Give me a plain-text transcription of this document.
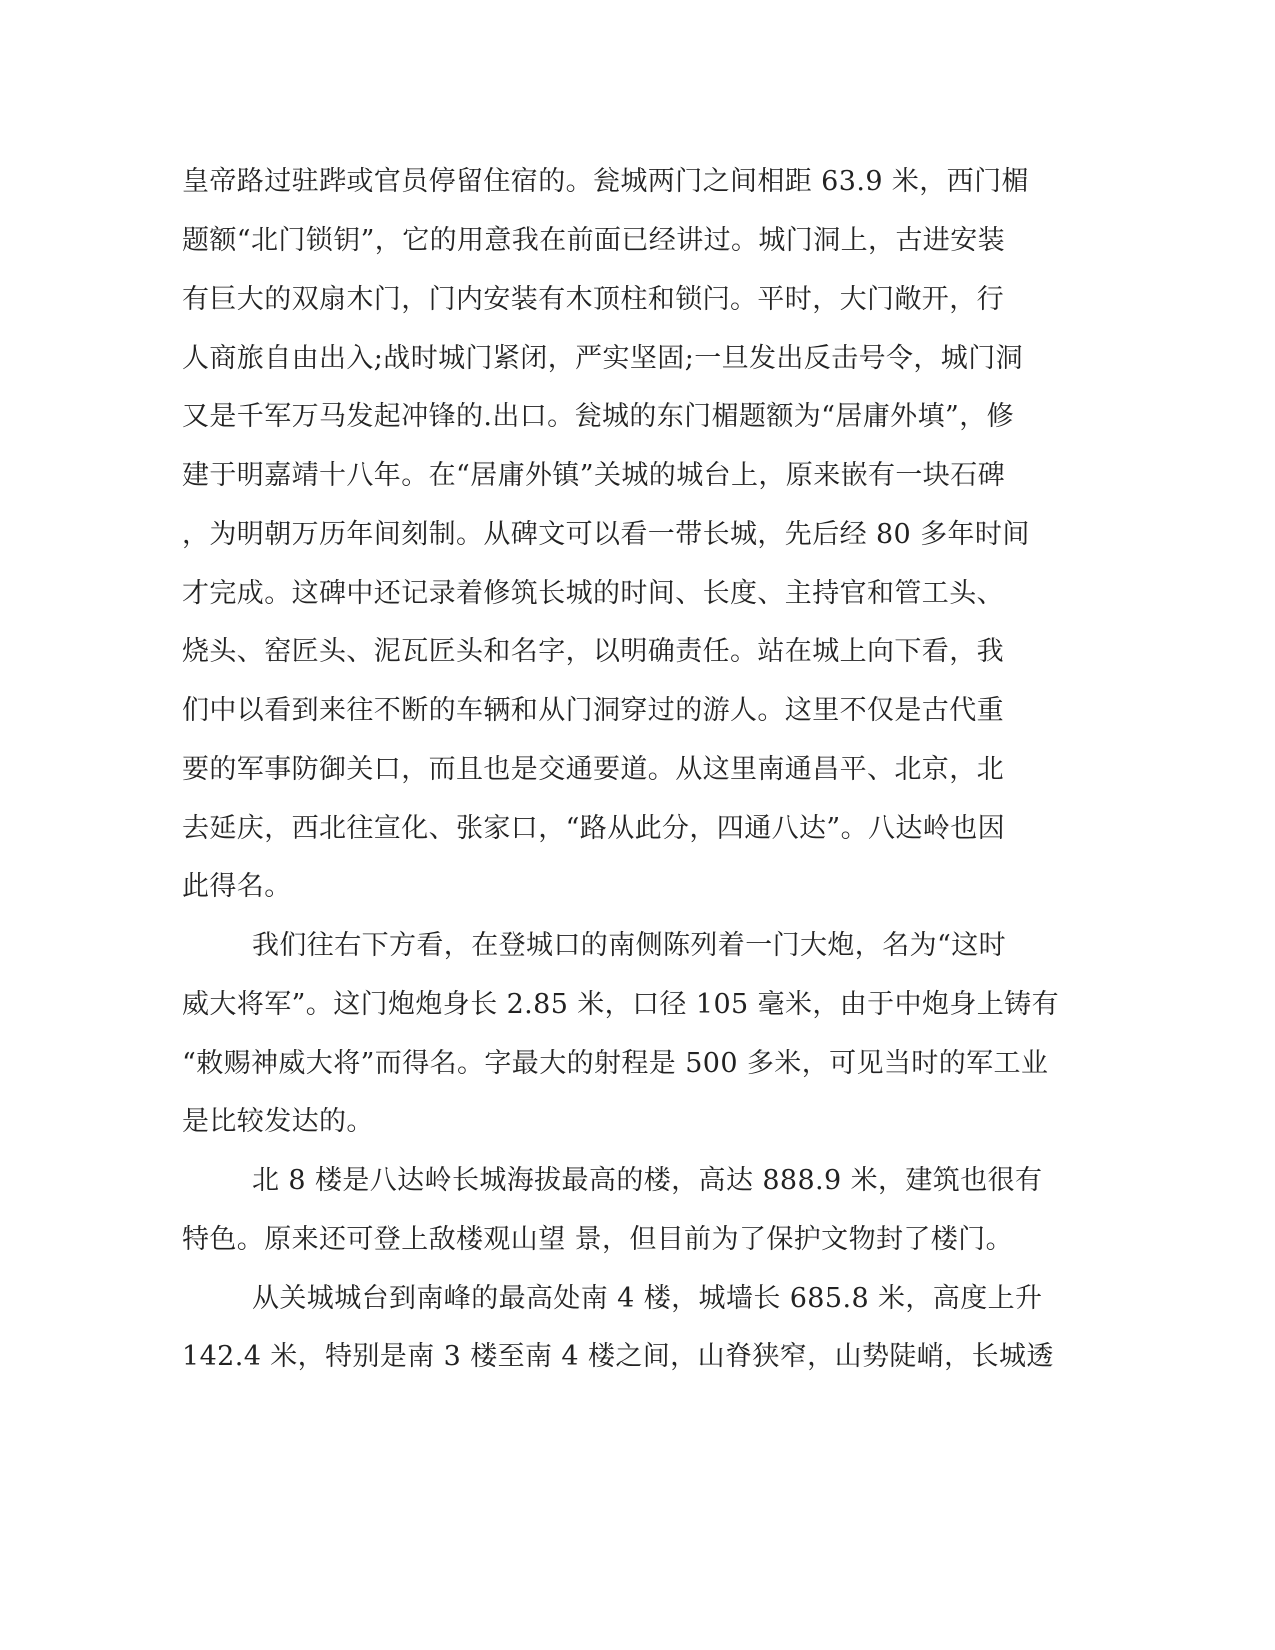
皇帝路过驻跸或官员停留住宿的。瓮城两门之间相距 63.9 米，西门楣
题额“北门锁钥”，它的用意我在前面已经讲过。城门洞上，古进安装
有巨大的双扇木门，门内安装有木顶柱和锁闩。平时，大门敞开，行
人商旅自由出入;战时城门紧闭，严实坚固;一旦发出反击号令，城门洞
又是千军万马发起冲锋的.出口。瓮城的东门楣题额为“居庸外填”，修
建于明嘉靖十八年。在“居庸外镇”关城的城台上，原来嵌有一块石碑
，为明朝万历年间刻制。从碑文可以看一带长城，先后经 80 多年时间
才完成。这碑中还记录着修筑长城的时间、长度、主持官和管工头、
烧头、窑匠头、泥瓦匠头和名字，以明确责任。站在城上向下看，我
们中以看到来往不断的车辆和从门洞穿过的游人。这里不仅是古代重
要的军事防御关口，而且也是交通要道。从这里南通昌平、北京，北
去延庆，西北往宣化、张家口，“路从此分，四通八达”。八达岭也因
此得名。
我们往右下方看，在登城口的南侧陈列着一门大炮，名为“这时
威大将军”。这门炮炮身长 2.85 米，口径 105 毫米，由于中炮身上铸有
“敕赐神威大将”而得名。字最大的射程是 500 多米，可见当时的军工业
是比较发达的。
北 8 楼是八达岭长城海拔最高的楼，高达 888.9 米，建筑也很有
特色。原来还可登上敌楼观山望 景，但目前为了保护文物封了楼门。
从关城城台到南峰的最高处南 4 楼，城墙长 685.8 米，高度上升
142.4 米，特别是南 3 楼至南 4 楼之间，山脊狭窄，山势陡峭，长城透
